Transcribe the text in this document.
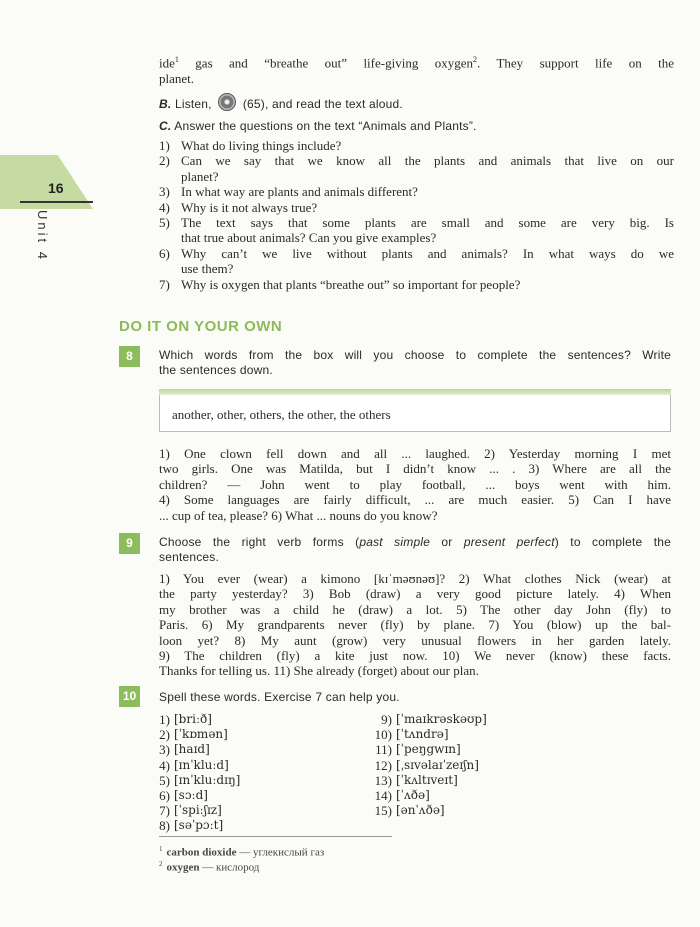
16
Unit 4
ide$^1$ gas and “breathe out” life-giving oxygen$^2$. They support life on the
planet.
B. Listen,	(65), and read the text aloud.
C. Answer the questions on the text “Animals and Plants”.
1) What do living things include?
2) Can we say that we know all the plants and animals that live on our
planet?
3) In what way are plants and animals different?
4) Why is it not always true?
5) The text says that some plants are small and some are very big. Is
that true about animals? Can you give examples?
6) Why can’t we live without plants and animals? In what ways do we
use them?
7) Why is oxygen that plants “breathe out” so important for people?
DO IT ON YOUR OWN
8	Which words from the box will you choose to complete the sentences? Write
the sentences down.
another, other, others, the other, the others
1) One clown fell down and all ... laughed. 2) Yesterday morning I met
two girls. One was Matilda, but I didn’t know ... . 3) Where are all the
children? — John went to play football, ... boys went with him.
4) Some languages are fairly difficult, ... are much easier. 5) Can I have
... cup of tea, please? 6) What ... nouns do you know?
9	Choose the right verb forms (past simple or present perfect) to complete the
sentences.
1) You ever (wear) a kimono [kɪˈməʊnəʊ]? 2) What clothes Nick (wear) at
the party yesterday? 3) Bob (draw) a very good picture lately. 4) When
my brother was a child he (draw) a lot. 5) The other day John (fly) to
Paris. 6) My grandparents never (fly) by plane. 7) You (blow) up the bal-
loon yet? 8) My aunt (grow) very unusual flowers in her garden lately.
9) The children (fly) a kite just now. 10) We never (know) these facts.
Thanks for telling us. 11) She already (forget) about our plan.
10	Spell these words. Exercise 7 can help you.
1) [briːð]
2) [ˈkɒmən]
3) [haɪd]
4) [ɪnˈkluːd]
5) [ɪnˈkluːdɪŋ]
6) [sɔːd]
7) [ˈspiːʃɪz]
8) [səˈpɔːt]
9) [ˈmaɪkrəskəʊp]
10) [ˈtʌndrə]
11) [ˈpeŋgwɪn]
12) [ˌsɪvəlaɪˈzeɪʃn]
13) [ˈkʌltɪveɪt]
14) [ˈʌðə]
15) [ənˈʌðə]
$^1$ carbon dioxide — углекислый газ
$^2$ oxygen — кислород
